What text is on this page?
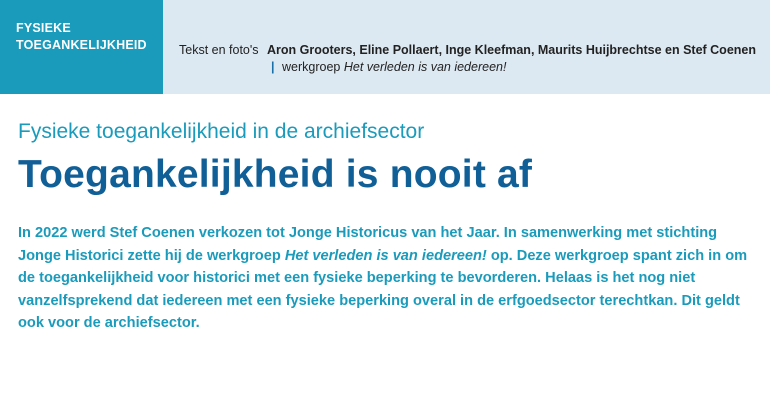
FYSIEKE
TOEGANKELIJKHEID	Tekst en foto's Aron Grooters, Eline Pollaert, Inge Kleefman, Maurits Huijbrechtse en Stef Coenen
| werkgroep Het verleden is van iedereen!
Fysieke toegankelijkheid in de archiefsector
Toegankelijkheid is nooit af

In 2022 werd Stef Coenen verkozen tot Jonge Historicus van het Jaar. In samenwerking met stichting Jonge Historici zette hij de werkgroep Het verleden is van iedereen! op. Deze werkgroep spant zich in om de toegankelijkheid voor historici met een fysieke beperking te bevorderen. Helaas is het nog niet vanzelfsprekend dat iedereen met een fysieke beperking overal in de erfgoedsector terechtkan. Dit geldt ook voor de archiefsector.
